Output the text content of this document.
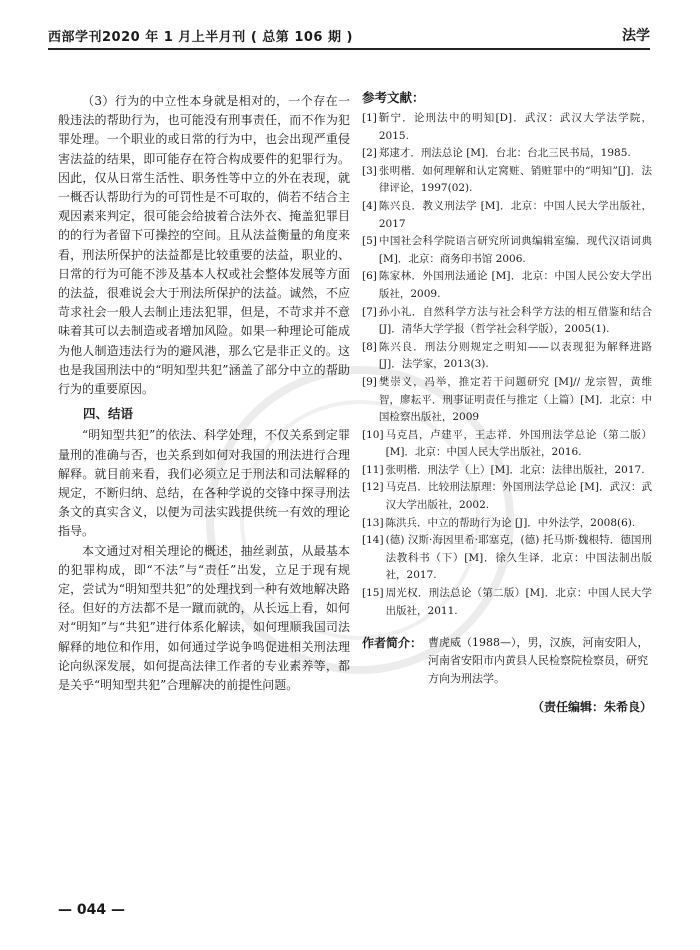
西部学刊2020 年 1 月上半月刊 ( 总第 106 期 )	法学

（3）行为的中立性本身就是相对的，一个存在一般违法的帮助行为，也可能没有刑事责任，而不作为犯罪处理。一个职业的或日常的行为中，也会出现严重侵害法益的结果，即可能存在符合构成要件的犯罪行为。因此，仅从日常生活性、职务性等中立的外在表现，就一概否认帮助行为的可罚性是不可取的，倘若不结合主观因素来判定，很可能会给披着合法外衣、掩盖犯罪目的的行为者留下可操控的空间。且从法益衡量的角度来看，刑法所保护的法益都是比较重要的法益，职业的、日常的行为可能不涉及基本人权或社会整体发展等方面的法益，很难说会大于刑法所保护的法益。诚然，不应苛求社会一般人去制止违法犯罪，但是，不苛求并不意味着其可以去制造或者增加风险。如果一种理论可能成为他人制造违法行为的避风港，那么它是非正义的。这也是我国刑法中的“明知型共犯”涵盖了部分中立的帮助行为的重要原因。

四、结语

“明知型共犯”的依法、科学处理，不仅关系到定罪量刑的准确与否，也关系到如何对我国的刑法进行合理解释。就目前来看，我们必须立足于刑法和司法解释的规定，不断归纳、总结，在各种学说的交锋中探寻刑法条文的真实含义，以便为司法实践提供统一有效的理论指导。

本文通过对相关理论的概述，抽丝剥茧，从最基本的犯罪构成，即“不法”与“责任”出发，立足于现有规定，尝试为“明知型共犯”的处理找到一种有效地解决路径。但好的方法都不是一蹴而就的，从长远上看，如何对“明知”与“共犯”进行体系化解读，如何理顺我国司法解释的地位和作用，如何通过学说争鸣促进相关刑法理论向纵深发展，如何提高法律工作者的专业素养等，都是关乎“明知型共犯”合理解决的前提性问题。

参考文献：
[1] 靳宁．论刑法中的明知[D]．武汉：武汉大学法学院，2015.
[2] 郑逮才．刑法总论 [M]．台北：台北三民书局，1985.
[3] 张明楷．如何理解和认定窝赃、销赃罪中的“明知”[J]．法律评论，1997(02).
[4] 陈兴良．教义刑法学 [M]．北京：中国人民大学出版社，2017
[5] 中国社会科学院语言研究所词典编辑室编．现代汉语词典[M]．北京：商务印书馆 2006.
[6] 陈家林．外国刑法通论 [M]．北京：中国人民公安大学出版社，2009.
[7] 孙小礼．自然科学方法与社会科学方法的相互借鉴和结合[J]．清华大学学报（哲学社会科学版），2005(1).
[8] 陈兴良．刑法分则规定之明知——以表现犯为解释进路 [J]．法学家，2013(3).
[9] 樊崇义，冯举，推定若干问题研究 [M]// 龙宗智，黄维智，廖耘平．刑事证明责任与推定（上篇）[M]．北京：中国检察出版社，2009
[10] 马克昌，卢建平，王志祥．外国刑法学总论（第二版）[M]．北京：中国人民大学出版社，2016.
[11] 张明楷．刑法学（上）[M]．北京：法律出版社，2017.
[12] 马克昌．比较刑法原理：外国刑法学总论 [M]．武汉：武汉大学出版社，2002.
[13] 陈洪兵．中立的帮助行为论 [J]．中外法学，2008(6).
[14] (德) 汉斯·海因里希·耶塞克，(德) 托马斯·魏根特．德国刑法教科书（下）[M]．徐久生译．北京：中国法制出版社，2017.
[15] 周光权．刑法总论（第二版）[M]．北京：中国人民大学出版社，2011.
作者简介： 曹虎威（1988—），男，汉族，河南安阳人，河南省安阳市内黄县人民检察院检察员，研究方向为刑法学。
（责任编辑：朱希良）
— 044 —
